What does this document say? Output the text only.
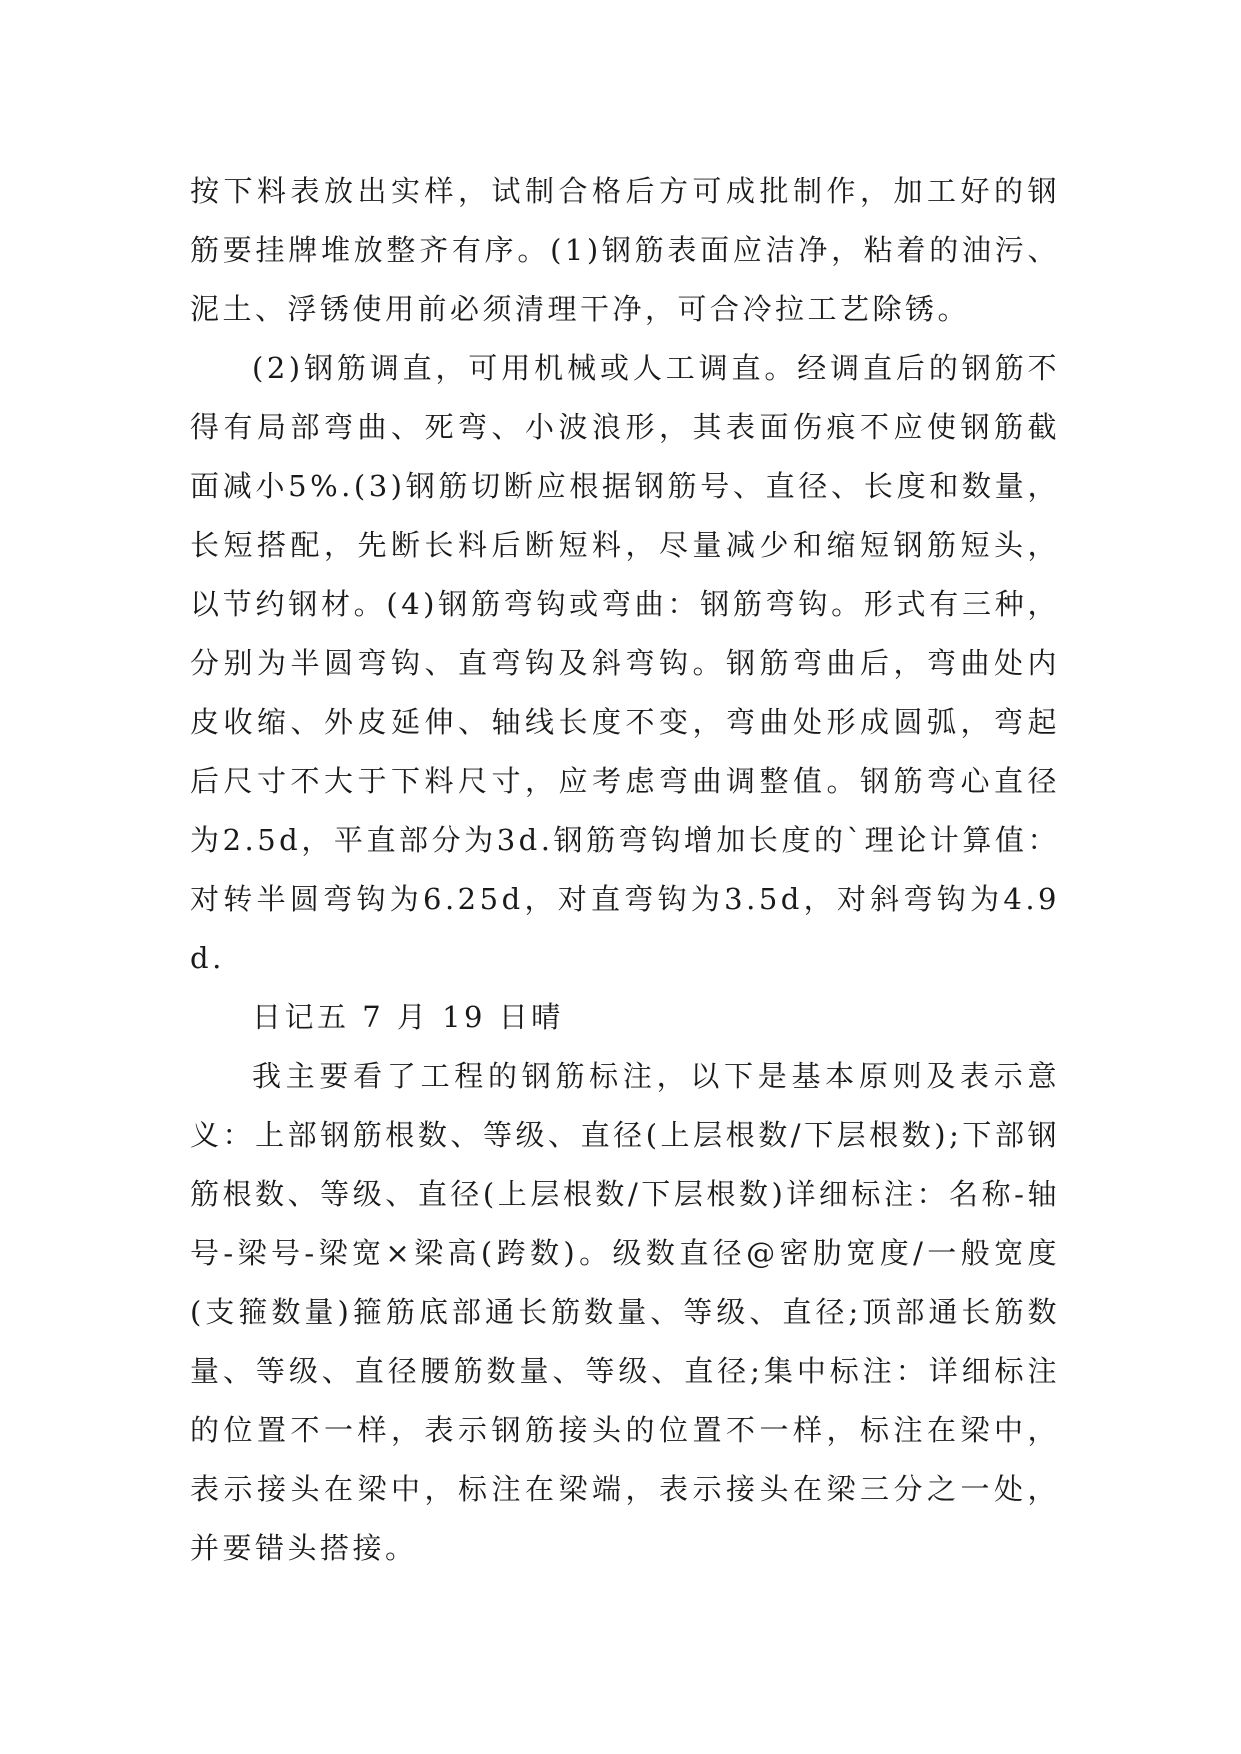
按下料表放出实样，试制合格后方可成批制作，加工好的钢筋要挂牌堆放整齐有序。(1)钢筋表面应洁净，粘着的油污、泥土、浮锈使用前必须清理干净，可合冷拉工艺除锈。

(2)钢筋调直，可用机械或人工调直。经调直后的钢筋不得有局部弯曲、死弯、小波浪形，其表面伤痕不应使钢筋截面减小5%.(3)钢筋切断应根据钢筋号、直径、长度和数量，长短搭配，先断长料后断短料，尽量减少和缩短钢筋短头，以节约钢材。(4)钢筋弯钩或弯曲：钢筋弯钩。形式有三种，分别为半圆弯钩、直弯钩及斜弯钩。钢筋弯曲后，弯曲处内皮收缩、外皮延伸、轴线长度不变，弯曲处形成圆弧，弯起后尺寸不大于下料尺寸，应考虑弯曲调整值。钢筋弯心直径为2.5d，平直部分为3d.钢筋弯钩增加长度的`理论计算值：对转半圆弯钩为6.25d，对直弯钩为3.5d，对斜弯钩为4.9d.

日记五 7 月 19 日晴

我主要看了工程的钢筋标注，以下是基本原则及表示意义：上部钢筋根数、等级、直径(上层根数/下层根数);下部钢筋根数、等级、直径(上层根数/下层根数)详细标注：名称-轴号-梁号-梁宽×梁高(跨数)。级数直径@密肋宽度/一般宽度(支箍数量)箍筋底部通长筋数量、等级、直径;顶部通长筋数量、等级、直径腰筋数量、等级、直径;集中标注：详细标注的位置不一样，表示钢筋接头的位置不一样，标注在梁中，表示接头在梁中，标注在梁端，表示接头在梁三分之一处，并要错头搭接。
